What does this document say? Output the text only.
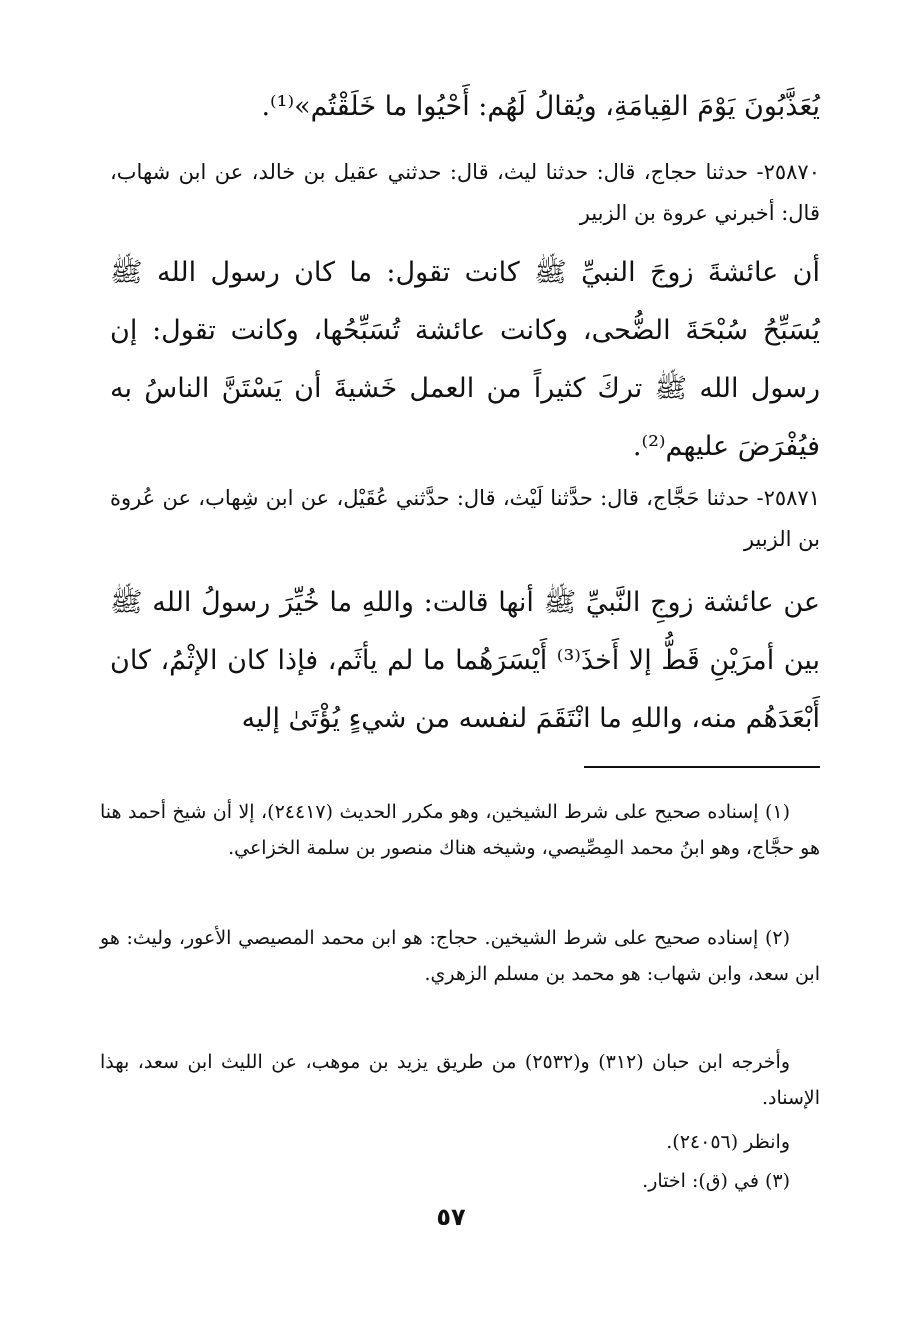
يُعَذَّبُونَ يَوْمَ القِيامَةِ، ويُقالُ لَهُم: أَحْيُوا ما خَلَقْتُم»⁽¹⁾.
٢٥٨٧٠- حدثنا حجاج، قال: حدثنا ليث، قال: حدثني عقيل بن خالد، عن ابن شهاب، قال: أخبرني عروة بن الزبير
أن عائشةَ زوجَ النبيِّ ﷺ كانت تقول: ما كان رسول الله ﷺ يُسَبِّحُ سُبْحَةَ الضُّحى، وكانت عائشة تُسَبِّحُها، وكانت تقول: إن رسول الله ﷺ تركَ كثيراً من العمل خَشيةَ أن يَسْتَنَّ الناسُ به فيُفْرَضَ عليهم⁽²⁾.
٢٥٨٧١- حدثنا حَجَّاج، قال: حدَّثنا لَيْث، قال: حدَّثني عُقَيْل، عن ابن شِهاب، عن عُروة بن الزبير
عن عائشة زوجِ النَّبيِّ ﷺ أنها قالت: واللهِ ما خُيِّرَ رسولُ الله ﷺ بين أمرَيْنِ قَطُّ إلا أَخذَ⁽³⁾ أَيْسَرَهُما ما لم يأثَم، فإذا كان الإثْمُ، كان أَبْعَدَهُم منه، واللهِ ما انْتَقَمَ لنفسه من شيءٍ يُؤْتَىٰ إليه
(١) إسناده صحيح على شرط الشيخين، وهو مكرر الحديث (٢٤٤١٧)، إلا أن شيخ أحمد هنا هو حجَّاج، وهو ابنُ محمد المِصِّيصي، وشيخه هناك منصور بن سلمة الخزاعي.
(٢) إسناده صحيح على شرط الشيخين. حجاج: هو ابن محمد المصيصي الأعور، وليث: هو ابن سعد، وابن شهاب: هو محمد بن مسلم الزهري.
وأخرجه ابن حبان (٣١٢) و(٢٥٣٢) من طريق يزيد بن موهب، عن الليث ابن سعد، بهذا الإسناد.
وانظر (٢٤٠٥٦).
(٣) في (ق): اختار.
٥٧
